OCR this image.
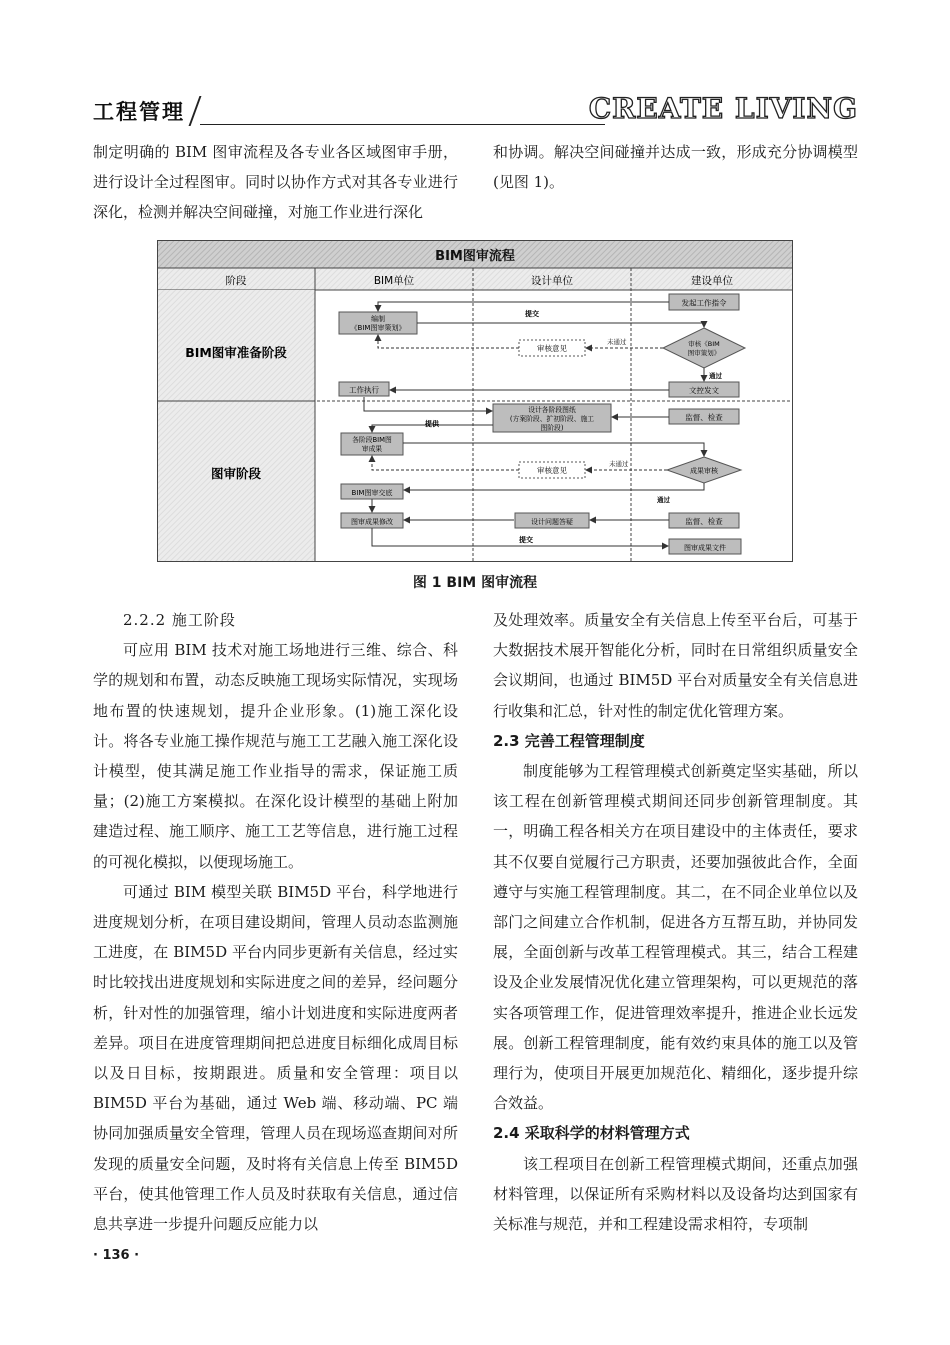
工程管理	CREATE LIVING

制定明确的 BIM 图审流程及各专业各区域图审手册，进行设计全过程图审。同时以协作方式对其各专业进行深化，检测并解决空间碰撞，对施工作业进行深化

和协调。解决空间碰撞并达成一致，形成充分协调模型(见图 1)。

BIM图审流程
阶段	BIM单位	设计单位	建设单位
BIM图审准备阶段
图审阶段
发起工作指令
编制
《BIM图审策划》
审核意见	审核《BIM
图审策划》
工作执行	文控发文
提交
未通过
通过
设计各阶段图纸
(方案阶段、扩初阶段、施工
图阶段)
监督、检查
各阶段BIM图
审成果
审核意见	成果审核
BIM图审交底
图审成果修改	设计问题答疑	监督、检查
图审成果文件
提供
未通过
通过
提交
图 1 BIM 图审流程

2.2.2 施工阶段

可应用 BIM 技术对施工场地进行三维、综合、科学的规划和布置，动态反映施工现场实际情况，实现场地布置的快速规划，提升企业形象。(1)施工深化设计。将各专业施工操作规范与施工工艺融入施工深化设计模型，使其满足施工作业指导的需求，保证施工质量；(2)施工方案模拟。在深化设计模型的基础上附加建造过程、施工顺序、施工工艺等信息，进行施工过程的可视化模拟，以便现场施工。

可通过 BIM 模型关联 BIM5D 平台，科学地进行进度规划分析，在项目建设期间，管理人员动态监测施工进度，在 BIM5D 平台内同步更新有关信息，经过实时比较找出进度规划和实际进度之间的差异，经问题分析，针对性的加强管理，缩小计划进度和实际进度两者差异。项目在进度管理期间把总进度目标细化成周目标以及日目标，按期跟进。质量和安全管理：项目以 BIM5D 平台为基础，通过 Web 端、移动端、PC 端协同加强质量安全管理，管理人员在现场巡查期间对所发现的质量安全问题，及时将有关信息上传至 BIM5D 平台，使其他管理工作人员及时获取有关信息，通过信息共享进一步提升问题反应能力以

及处理效率。质量安全有关信息上传至平台后，可基于大数据技术展开智能化分析，同时在日常组织质量安全会议期间，也通过 BIM5D 平台对质量安全有关信息进行收集和汇总，针对性的制定优化管理方案。

2.3 完善工程管理制度

制度能够为工程管理模式创新奠定坚实基础，所以该工程在创新管理模式期间还同步创新管理制度。其一，明确工程各相关方在项目建设中的主体责任，要求其不仅要自觉履行己方职责，还要加强彼此合作，全面遵守与实施工程管理制度。其二，在不同企业单位以及部门之间建立合作机制，促进各方互帮互助，并协同发展，全面创新与改革工程管理模式。其三，结合工程建设及企业发展情况优化建立管理架构，可以更规范的落实各项管理工作，促进管理效率提升，推进企业长远发展。创新工程管理制度，能有效约束具体的施工以及管理行为，使项目开展更加规范化、精细化，逐步提升综合效益。

2.4 采取科学的材料管理方式

该工程项目在创新工程管理模式期间，还重点加强材料管理，以保证所有采购材料以及设备均达到国家有关标准与规范，并和工程建设需求相符，专项制

· 136 ·
